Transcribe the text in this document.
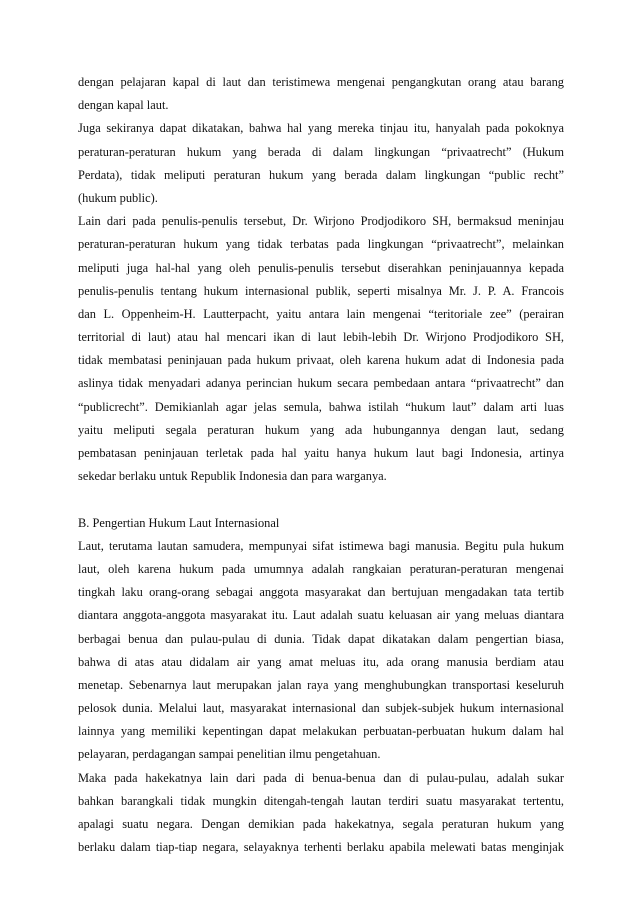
dengan pelajaran kapal di laut dan teristimewa mengenai pengangkutan orang atau barang
dengan kapal laut.
Juga sekiranya dapat dikatakan, bahwa hal yang mereka tinjau itu, hanyalah pada pokoknya
peraturan-peraturan hukum yang berada di dalam lingkungan “privaatrecht” (Hukum
Perdata), tidak meliputi peraturan hukum yang berada dalam lingkungan “public recht”
(hukum public).
Lain dari pada penulis-penulis tersebut, Dr. Wirjono Prodjodikoro SH, bermaksud meninjau
peraturan-peraturan hukum yang tidak terbatas pada lingkungan “privaatrecht”, melainkan
meliputi juga hal-hal yang oleh penulis-penulis tersebut diserahkan peninjauannya kepada
penulis-penulis tentang hukum internasional publik, seperti misalnya Mr. J. P. A. Francois
dan L. Oppenheim-H. Lautterpacht, yaitu antara lain mengenai “teritoriale zee” (perairan
territorial di laut) atau hal mencari ikan di laut lebih-lebih Dr. Wirjono Prodjodikoro SH,
tidak membatasi peninjauan pada hukum privaat, oleh karena hukum adat di Indonesia pada
aslinya tidak menyadari adanya perincian hukum secara pembedaan antara “privaatrecht” dan
“publicrecht”. Demikianlah agar jelas semula, bahwa istilah “hukum laut” dalam arti luas
yaitu meliputi segala peraturan hukum yang ada hubungannya dengan laut, sedang
pembatasan peninjauan terletak pada hal yaitu hanya hukum laut bagi Indonesia, artinya
sekedar berlaku untuk Republik Indonesia dan para warganya.
B. Pengertian Hukum Laut Internasional
Laut, terutama lautan samudera, mempunyai sifat istimewa bagi manusia. Begitu pula hukum
laut, oleh karena hukum pada umumnya adalah rangkaian peraturan-peraturan mengenai
tingkah laku orang-orang sebagai anggota masyarakat dan bertujuan mengadakan tata tertib
diantara anggota-anggota masyarakat itu. Laut adalah suatu keluasan air yang meluas diantara
berbagai benua dan pulau-pulau di dunia. Tidak dapat dikatakan dalam pengertian biasa,
bahwa di atas atau didalam air yang amat meluas itu, ada orang manusia berdiam atau
menetap. Sebenarnya laut merupakan jalan raya yang menghubungkan transportasi keseluruh
pelosok dunia. Melalui laut, masyarakat internasional dan subjek-subjek hukum internasional
lainnya yang memiliki kepentingan dapat melakukan perbuatan-perbuatan hukum dalam hal
pelayaran, perdagangan sampai penelitian ilmu pengetahuan.
Maka pada hakekatnya lain dari pada di benua-benua dan di pulau-pulau, adalah sukar
bahkan barangkali tidak mungkin ditengah-tengah lautan terdiri suatu masyarakat tertentu,
apalagi suatu negara. Dengan demikian pada hakekatnya, segala peraturan hukum yang
berlaku dalam tiap-tiap negara, selayaknya terhenti berlaku apabila melewati batas menginjak
